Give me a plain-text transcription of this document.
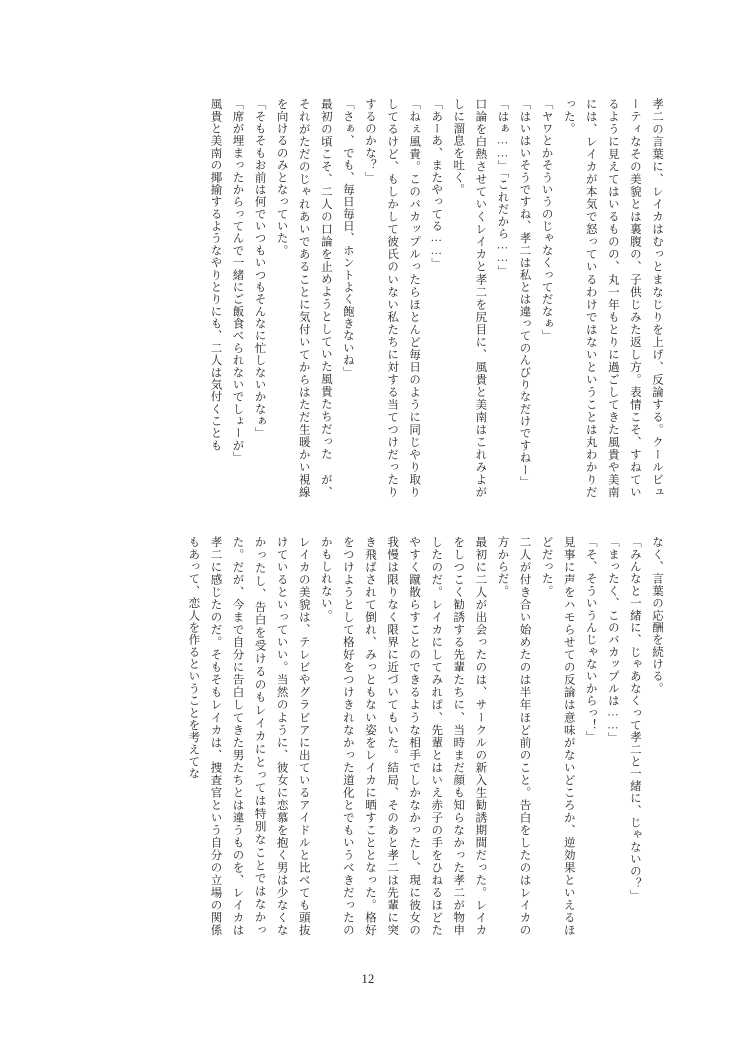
孝二の言葉に、レイカはむっとまなじりを上げ、反論する。クールビューティなその美貌とは裏腹の、子供じみた返し方。表情こそ、すねているように見えてはいるものの、丸一年もとりに過ごしてきた風貴や美南には、レイカが本気で怒っているわけではないということは丸わかりだった。
「ヤワとかそういうのじゃなくってだなぁ」
「はいはいそうですね、孝二は私とは違ってのんびりなだけですねー」
「はぁ……」「これだから……」
口論を白熱させていくレイカと孝二を尻目に、風貴と美南はこれみよがしに溜息を吐く。
「あーあ、またやってる……」
「ねぇ風貴。このバカップルったらほとんど毎日のように同じやり取りしてるけど、もしかして彼氏のいない私たちに対する当てつけだったりするのかな？」
「さぁ、でも、毎日毎日、ホントよく飽きないね」
最初の頃こそ、二人の口論を止めようとしていた風貴たちだった が、それがただのじゃれあいであることに気付いてからはただ生暖かい視線を向けるのみとなっていた。
「そもそもお前は何でいつもいつもそんなに忙しないかなぁ」
「席が埋まったからってんで一緒にご飯食べられないでしょーが」
風貴と美南の揶揄するようなやりとりにも、二人は気付くことも
なく、言葉の応酬を続ける。
「みんなと一緒に、じゃあなくって孝二と一緒に、じゃないの？」
「まったく、このバカップルは……」
「そ、そういうんじゃないからっ！」
見事に声をハモらせての反論は意味がないどころか、逆効果といえるほどだった。
二人が付き合い始めたのは半年ほど前のこと。告白をしたのはレイカの方からだ。
最初に二人が出会ったのは、サークルの新入生勧誘期間だった。レイカをしつこく勧誘する先輩たちに、当時まだ顔も知らなかった孝二が物申したのだ。レイカにしてみれば、先輩とはいえ赤子の手をひねるほどたやすく蹴散らすことのできるような相手でしかなかったし、現に彼女の我慢は限りなく限界に近づいてもいた。結局、そのあと孝二は先輩に突き飛ばされて倒れ、みっともない姿をレイカに晒すこととなった。格好をつけようとして格好をつけきれなかった道化とでもいうべきだったのかもしれない。
レイカの美貌は、テレビやグラビアに出ているアイドルと比べても頭抜けているといっていい。当然のように、彼女に恋慕を抱く男は少なくなかったし、告白を受けるのもレイカにとっては特別なことではなかった。だが、今まで自分に告白してきた男たちとは違うものを、レイカは孝二に感じたのだ。そもそもレイカは、捜査官という自分の立場の関係もあって、恋人を作るということを考えてな
12
